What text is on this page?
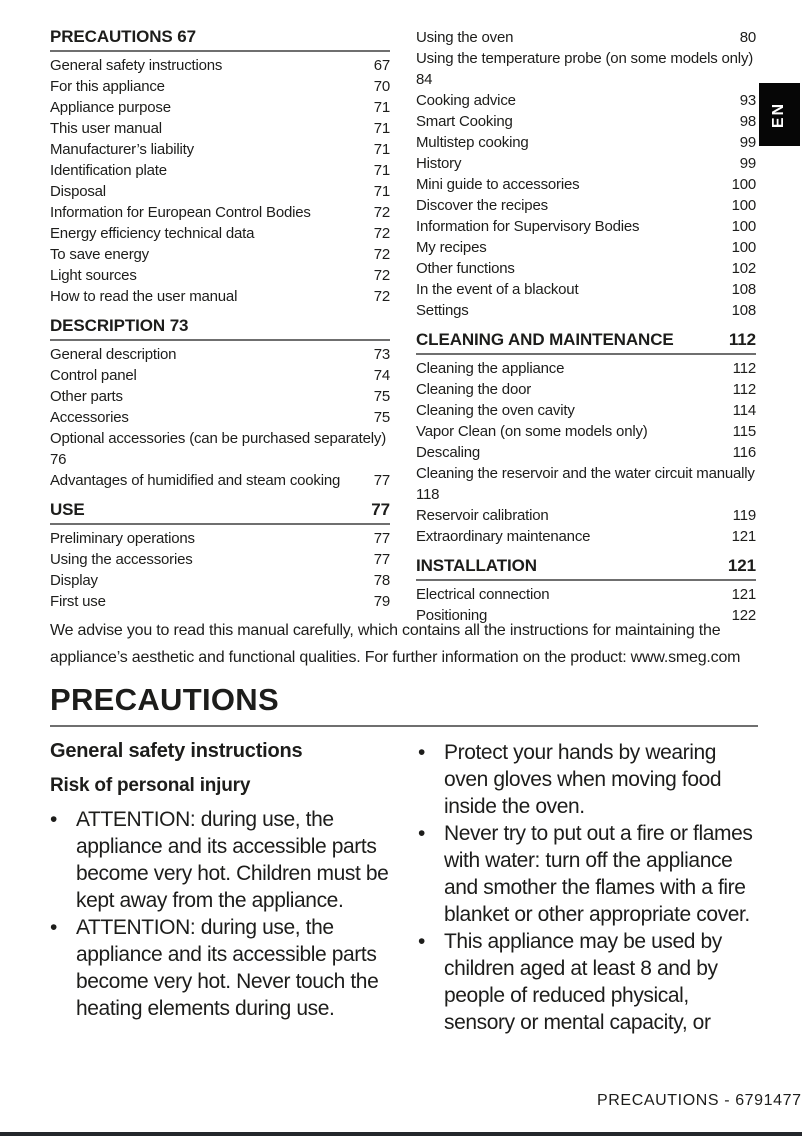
PRECAUTIONS 67
General safety instructions	67
For this appliance	70
Appliance purpose	71
This user manual	71
Manufacturer’s liability	71
Identification plate	71
Disposal	71
Information for European Control Bodies	72
Energy efficiency technical data	72
To save energy	72
Light sources	72
How to read the user manual	72
DESCRIPTION 73
General description	73
Control panel	74
Other parts	75
Accessories	75
Optional accessories (can be purchased separately) 76
Advantages of humidified and steam cooking 77
USE	77
Preliminary operations	77
Using the accessories	77
Display	78
First use	79
Using the oven	80
Using the temperature probe (on some models only) 84
Cooking advice	93
Smart Cooking	98
Multistep cooking	99
History	99
Mini guide to accessories	100
Discover the recipes	100
Information for Supervisory Bodies	100
My recipes	100
Other functions	102
In the event of a blackout	108
Settings	108
CLEANING AND MAINTENANCE	112
Cleaning the appliance	112
Cleaning the door	112
Cleaning the oven cavity	114
Vapor Clean (on some models only)	115
Descaling	116
Cleaning the reservoir and the water circuit manually 118
Reservoir calibration	119
Extraordinary maintenance	121
INSTALLATION	121
Electrical connection	121
Positioning	122

We advise you to read this manual carefully, which contains all the instructions for maintaining the appliance’s aesthetic and functional qualities. For further information on the product: www.smeg.com

PRECAUTIONS
General safety instructions
Risk of personal injury
• ATTENTION: during use, the appliance and its accessible parts become very hot. Children must be kept away from the appliance.
• ATTENTION: during use, the appliance and its accessible parts become very hot. Never touch the heating elements during use.
• Protect your hands by wearing oven gloves when moving food inside the oven.
• Never try to put out a fire or flames with water: turn off the appliance and smother the flames with a fire blanket or other appropriate cover.
• This appliance may be used by children aged at least 8 and by people of reduced physical, sensory or mental capacity, or
EN
PRECAUTIONS - 6791477
